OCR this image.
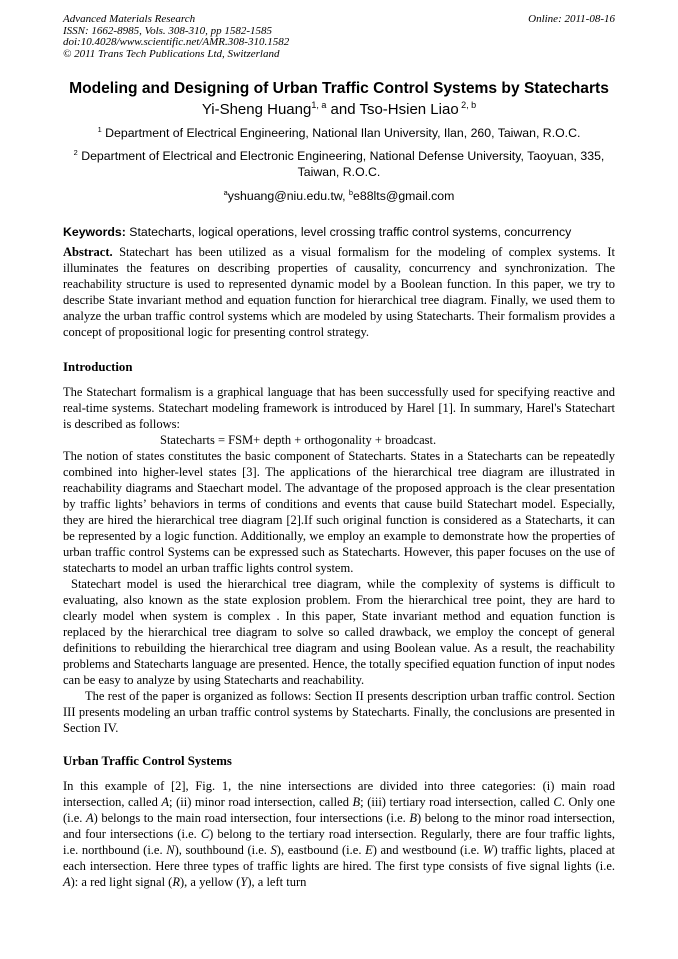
Advanced Materials Research
ISSN: 1662-8985, Vols. 308-310, pp 1582-1585
doi:10.4028/www.scientific.net/AMR.308-310.1582
© 2011 Trans Tech Publications Ltd, Switzerland
Online: 2011-08-16
Modeling and Designing of Urban Traffic Control Systems by Statecharts
Yi-Sheng Huang$^{1, a}$ and Tso-Hsien Liao $^{2, b}$
$^1$ Department of Electrical Engineering, National Ilan University, Ilan, 260, Taiwan, R.O.C.
$^2$ Department of Electrical and Electronic Engineering, National Defense University, Taoyuan, 335, Taiwan, R.O.C.
$^a$yshuang@niu.edu.tw, $^b$e88lts@gmail.com
Keywords: Statecharts, logical operations, level crossing traffic control systems, concurrency

Abstract. Statechart has been utilized as a visual formalism for the modeling of complex systems. It illuminates the features on describing properties of causality, concurrency and synchronization. The reachability structure is used to represented dynamic model by a Boolean function. In this paper, we try to describe State invariant method and equation function for hierarchical tree diagram. Finally, we used them to analyze the urban traffic control systems which are modeled by using Statecharts. Their formalism provides a concept of propositional logic for presenting control strategy.

Introduction

The Statechart formalism is a graphical language that has been successfully used for specifying reactive and real-time systems. Statechart modeling framework is introduced by Harel [1]. In summary, Harel's Statechart is described as follows:

Statecharts = FSM+ depth + orthogonality + broadcast.

The notion of states constitutes the basic component of Statecharts. States in a Statecharts can be repeatedly combined into higher-level states [3]. The applications of the hierarchical tree diagram are illustrated in reachability diagrams and Staechart model. The advantage of the proposed approach is the clear presentation by traffic lights’ behaviors in terms of conditions and events that cause build Statechart model. Especially, they are hired the hierarchical tree diagram [2].If such original function is considered as a Statecharts, it can be represented by a logic function. Additionally, we employ an example to demonstrate how the properties of urban traffic control Systems can be expressed such as Statecharts. However, this paper focuses on the use of statecharts to model an urban traffic lights control system.

Statechart model is used the hierarchical tree diagram, while the complexity of systems is difficult to evaluating, also known as the state explosion problem. From the hierarchical tree point, they are hard to clearly model when system is complex . In this paper, State invariant method and equation function is replaced by the hierarchical tree diagram to solve so called drawback, we employ the concept of general definitions to rebuilding the hierarchical tree diagram and using Boolean value. As a result, the reachability problems and Statecharts language are presented. Hence, the totally specified equation function of input nodes can be easy to analyze by using Statecharts and reachability.

The rest of the paper is organized as follows: Section II presents description urban traffic control. Section III presents modeling an urban traffic control systems by Statecharts. Finally, the conclusions are presented in Section IV.

Urban Traffic Control Systems

In this example of [2], Fig. 1, the nine intersections are divided into three categories: (i) main road intersection, called A; (ii) minor road intersection, called B; (iii) tertiary road intersection, called C. Only one (i.e. A) belongs to the main road intersection, four intersections (i.e. B) belong to the minor road intersection, and four intersections (i.e. C) belong to the tertiary road intersection. Regularly, there are four traffic lights, i.e. northbound (i.e. N), southbound (i.e. S), eastbound (i.e. E) and westbound (i.e. W) traffic lights, placed at each intersection. Here three types of traffic lights are hired. The first type consists of five signal lights (i.e. A): a red light signal (R), a yellow (Y), a left turn
